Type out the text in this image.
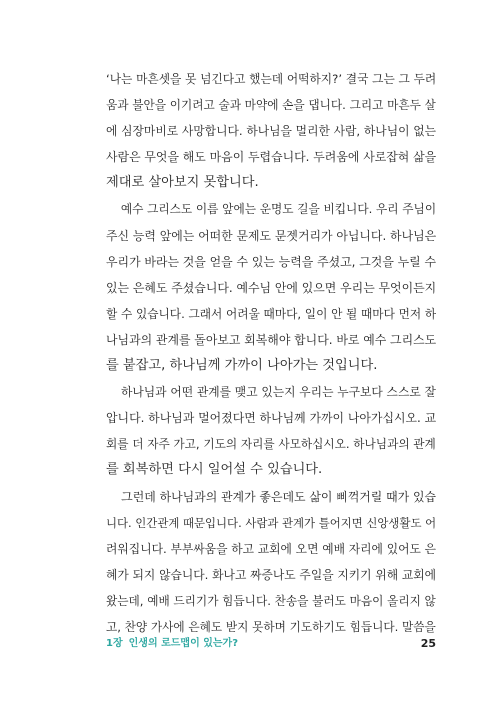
‘나는 마흔셋을 못 넘긴다고 했는데 어떡하지?’ 결국 그는 그 두려
움과 불안을 이기려고 술과 마약에 손을 댑니다. 그리고 마흔두 살
에 심장마비로 사망합니다. 하나님을 멀리한 사람, 하나님이 없는
사람은 무엇을 해도 마음이 두렵습니다. 두려움에 사로잡혀 삶을
제대로 살아보지 못합니다.
예수 그리스도 이름 앞에는 운명도 길을 비킵니다. 우리 주님이
주신 능력 앞에는 어떠한 문제도 문젯거리가 아닙니다. 하나님은
우리가 바라는 것을 얻을 수 있는 능력을 주셨고, 그것을 누릴 수
있는 은혜도 주셨습니다. 예수님 안에 있으면 우리는 무엇이든지
할 수 있습니다. 그래서 어려울 때마다, 일이 안 될 때마다 먼저 하
나님과의 관계를 돌아보고 회복해야 합니다. 바로 예수 그리스도
를 붙잡고, 하나님께 가까이 나아가는 것입니다.
하나님과 어떤 관계를 맺고 있는지 우리는 누구보다 스스로 잘
압니다. 하나님과 멀어졌다면 하나님께 가까이 나아가십시오. 교
회를 더 자주 가고, 기도의 자리를 사모하십시오. 하나님과의 관계
를 회복하면 다시 일어설 수 있습니다.
그런데 하나님과의 관계가 좋은데도 삶이 삐꺽거릴 때가 있습
니다. 인간관계 때문입니다. 사람과 관계가 틀어지면 신앙생활도 어
려워집니다. 부부싸움을 하고 교회에 오면 예배 자리에 있어도 은
혜가 되지 않습니다. 화나고 짜증나도 주일을 지키기 위해 교회에
왔는데, 예배 드리기가 힘듭니다. 찬송을 불러도 마음이 올리지 않
고, 찬양 가사에 은혜도 받지 못하며 기도하기도 힘듭니다. 말씀을
1장 인생의 로드맵이 있는가?	25
